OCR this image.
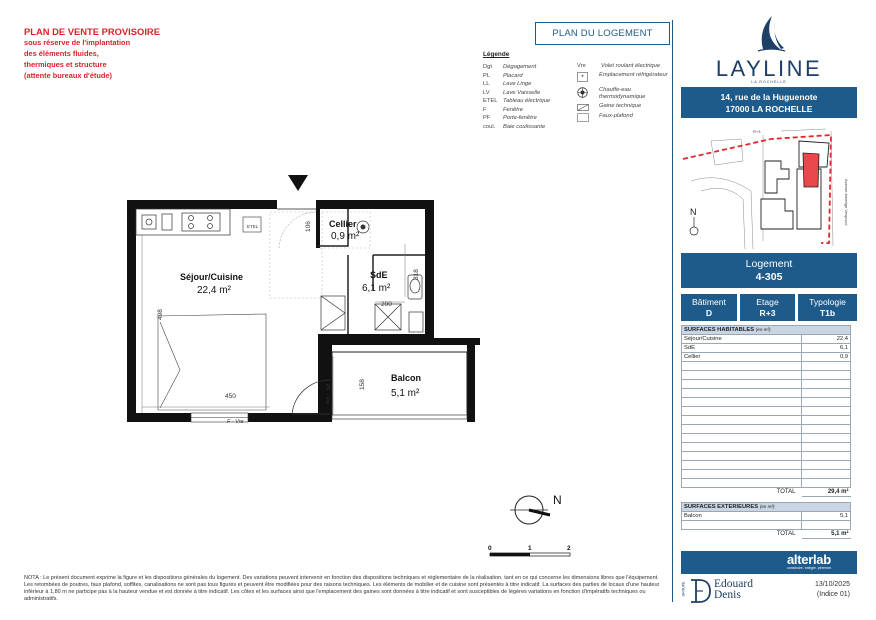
PLAN DE VENTE PROVISOIRE
sous réserve de l'implantation
des éléments fluides,
thermiques et structure
(attente bureaux d'étude)
PLAN DU LOGEMENT
Légende
Dgt	Dégagement
PL	Placard
LL	Lave Linge
LV	Lave Vaisselle
ETEL Tableau électrique
F	Fenêtre
PF	Porte-fenêtre
coul.	Baie coulissante
Vre	Volet roulant électrique
*	Emplacement réfrigérateur
Chauffe-eau thermodynamique
Gaine technique
Faux-plafond
LAYLINE
LA ROCHELLE
14, rue de la Huguenote
17000 LA ROCHELLE
N
R+3
Avenue Amerigo Vespucci
Logement
4-305
Bâtiment
D
Etage
R+3
Typologie
T1b
SURFACES HABITABLES (en m²)	
Séjour/Cuisine	22,4
SdE	6,1
Cellier	0,9

TOTAL	29,4 m²
SURFACES EXTERIEURES (en m²)	
Balcon	5,1

TOTAL	5,1 m²
alterlab
construire. intègre. pérenne.
GROUPE Edouard
Denis
13/10/2025
(Indice 01)
NOTA : Le présent document exprime la figure et les dispositions générales du logement. Des variations peuvent intervenir en fonction des dispositions techniques et réglementaire de la réalisation, tant en ce qui concerne les dimensions libres que l'équipement. Les retombées de poutres, faux plafond, soffites, canalisations ne sont pas tous figurés et peuvent être modifiées pour des raisons techniques. Les éléments de mobilier et de cuisine sont présentés à titre indicatif. La surfaces des parties de locaux d'une hauteur inférieur à 1,80 m ne participe pas à la hauteur vendue et est donnée à titre indicatif. Les côtes et les surfaces ainsi que l'emplacement des gaines sont données à titre indicatif et sont susceptibles de légères variations en fonction d'impératifs techniques ou administratifs.
ETEL
Séjour/Cuisine
22,4 m²
SdE
6,1 m²
Cellier
0,9 m²
Balcon
5,1 m²
498
450
318
200
158
106
F - Vre
PF - Vre
N
0	1	2
